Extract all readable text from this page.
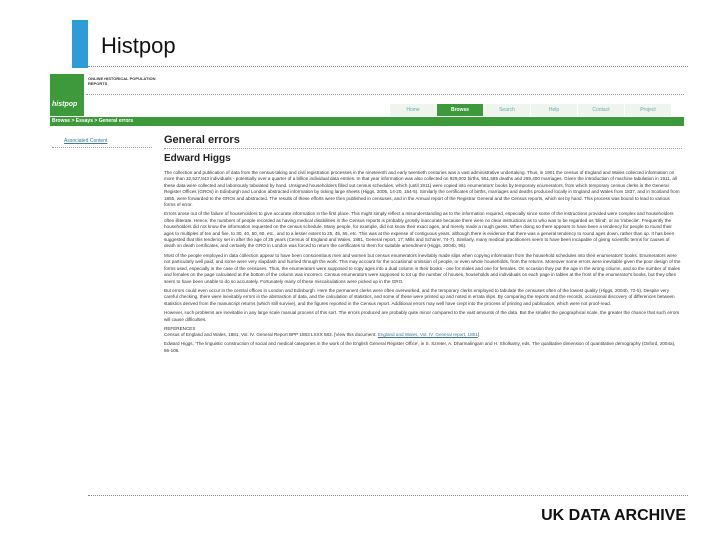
Histpop
histpop
ONLINE HISTORICAL POPULATION REPORTS
Home	Browse	Search	Help	Contact	Project
Browse > Essays > General errors
Associated Content	General errors
Edward Higgs

The collection and publication of data from the census-taking and civil registration processes in the nineteenth and early twentieth centuries was a vast administrative undertaking. Thus, in 1901 the census of England and Wales collected information on more than 32,527,843 individuals - potentially over a quarter of a billion individual data entries. In that year information was also collected on 929,002 births, 551,585 deaths and 259,400 marriages. Given the introduction of machine tabulation in 1911, all these data were collected and laboriously tabulated by hand. Unsigned householders filled out census schedules, which (until 1911) were copied into enumerators' books by temporary enumerators, from which temporary census clerks in the General Register Offices (GROs) in Edinburgh and London abstracted information by ticking large sheets (Higgs, 2005, 14-20, 154-5). Similarly the certificates of births, marriages and deaths produced locally in England and Wales from 1837, and in Scotland from 1855, were forwarded to the GROs and abstracted. The results of these efforts were then published in censuses, and in the Annual report of the Registrar General and the Census reports, which set by hand. This process was bound to lead to various forms of error.

Errors arose out of the failure of householders to give accurate information in the first place. This might simply reflect a misunderstanding as to the information required, especially since some of the instructions provided were complex and householders often illiterate. Hence, the numbers of people recorded as having medical disabilities in the Census reports is probably grossly inaccurate because there were no clear instructions as to who was to be regarded as 'blind', or an 'imbecile'. Frequently the householders did not know the information requested on the census schedule. Many people, for example, did not know their exact ages, and merely made a rough guess. When doing so there appears to have been a tendency for people to round their ages to multiples of ten and five, to 30, 40, 50, 60, etc., and to a lesser extent to 25, 45, 55, etc. This was at the expense of contiguous years, although there is evidence that there was a general tendency to round ages down, rather than up. It has been suggested that this tendency set in after the age of 25 years (Census of England and Wales, 1881, General report, 17; Mills and Schürer, 74-7). Similarly, many medical practitioners seem to have been incapable of giving scientific terms for causes of death on death certificates, and certainly the GRO in London was forced to return the certificates to them for suitable amendment (Higgs, 2004b, 95).

Most of the people employed in data collection appear to have been conscientious men and women but census enumerators inevitably made slips when copying information from the household schedules into their enumerators' books. Enumerators were not particularly well paid, and some were very slapdash and hurried through the work. This may account for the occasional omission of people, or even whole households, from the returns. Moreover some errors were inevitable given the poor design of the forms used, especially in the case of the censuses. Thus, the enumerators were supposed to copy ages into a dual column in their books - one for males and one for females. On occasion they put the age in the wrong column, and so the number of males and females on the page calculated at the bottom of the column was incorrect. Census enumerators were supposed to tot up the number of houses, households and individuals on each page in tables at the front of the enumerator's books, but they often seem to have been unable to do so accurately. Fortunately many of these miscalculations were picked up in the GRO.

But errors could even occur in the central offices in London and Edinburgh. Here the permanent clerks were often overworked, and the temporary clerks employed to tabulate the censuses often of the lowest quality (Higgs, 2004b, 72-5). Despite very careful checking, there were inevitably errors in the abstraction of data, and the calculation of statistics, and some of these were printed up and noted in errata slips. By comparing the reports and the records, occasional discovery of differences between statistics derived from the manuscript returns (which still survive), and the figures reported in the Census report. Additional errors may well have crept into the process of printing and publication, which were not proof-read.

However, such problems are inevitable in any large scale manual process of this sort. The errors produced are probably quite minor compared to the vast amounts of the data. But the smaller the geographical scale, the greater the chance that such errors will cause difficulties.

REFERENCES

Census of England and Wales, 1881, Vol. IV. General Report BPP 1883 LXXX 583. [View this document: England and Wales, Vol. IV. General report, 1881]

Edward Higgs, 'The linguistic construction of social and medical categories in the work of the English General Register Office', in S. Szreter, A. Dharmalingam and H. Sholkamy, eds, The qualitative dimension of quantitative demography (Oxford, 2004a), 86-106.

UK DATA ARCHIVE
